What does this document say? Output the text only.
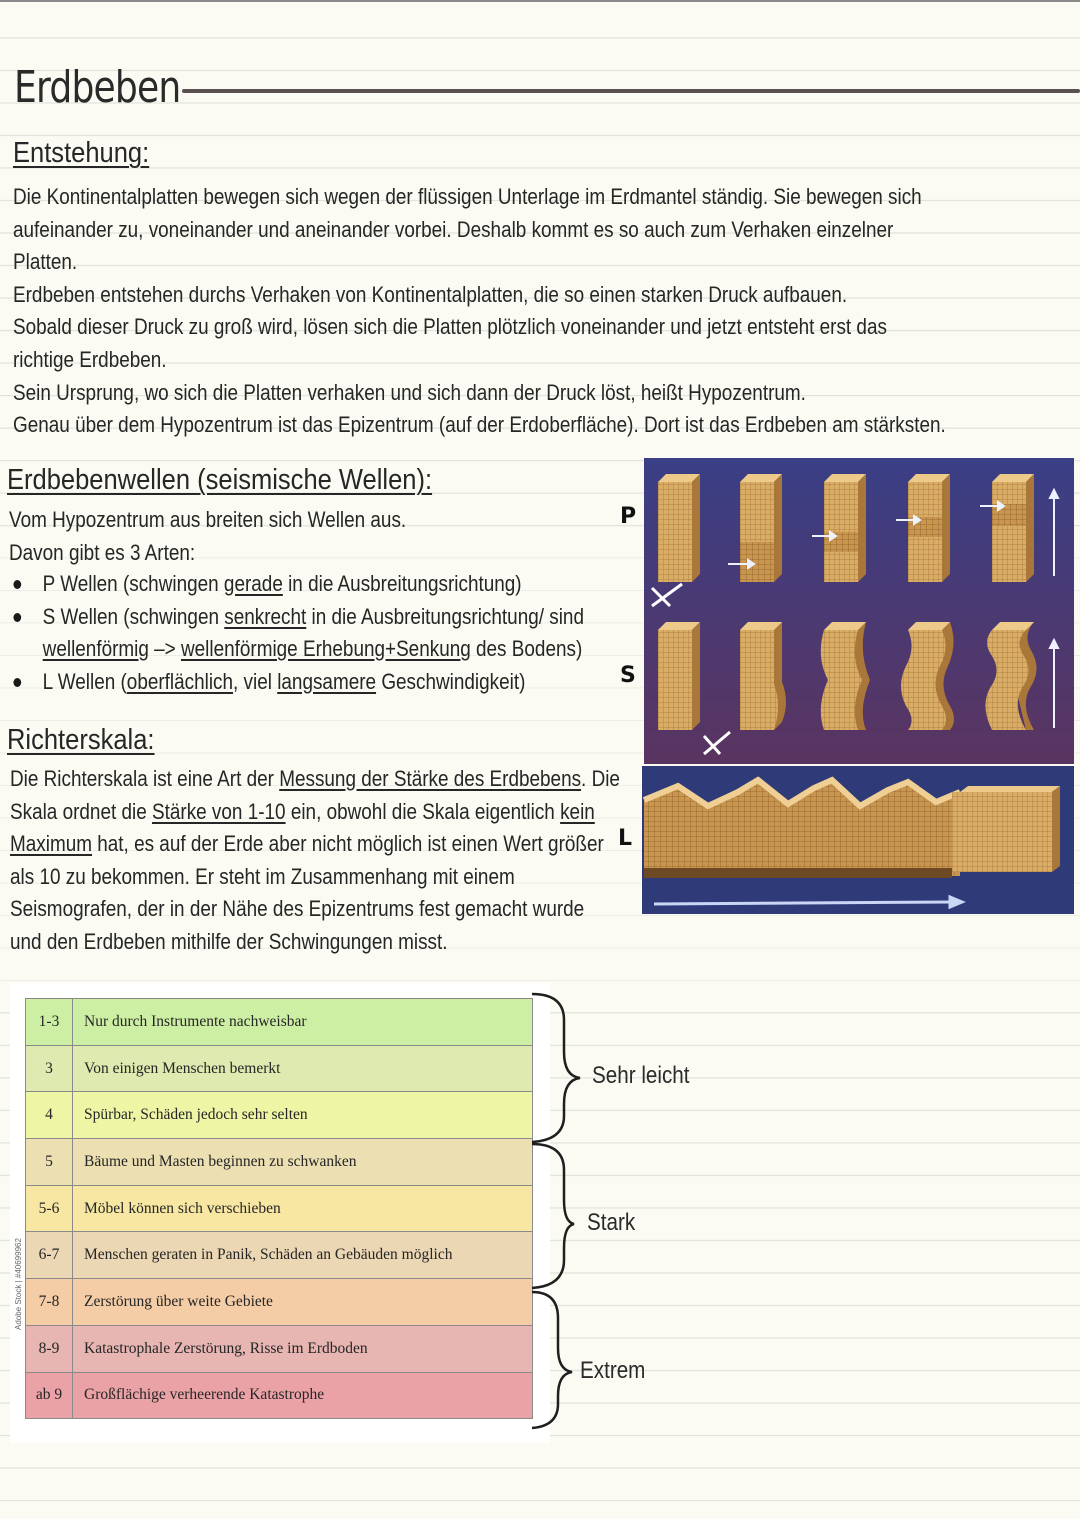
Erdbeben
Entstehung:
Die Kontinentalplatten bewegen sich wegen der flüssigen Unterlage im Erdmantel ständig. Sie bewegen sich
aufeinander zu, voneinander und aneinander vorbei. Deshalb kommt es so auch zum Verhaken einzelner
Platten.
Erdbeben entstehen durchs Verhaken von Kontinentalplatten, die so einen starken Druck aufbauen.
Sobald dieser Druck zu groß wird, lösen sich die Platten plötzlich voneinander und jetzt entsteht erst das
richtige Erdbeben.
Sein Ursprung, wo sich die Platten verhaken und sich dann der Druck löst, heißt Hypozentrum.
Genau über dem Hypozentrum ist das Epizentrum (auf der Erdoberfläche). Dort ist das Erdbeben am stärksten.
Erdbebenwellen (seismische Wellen):
Vom Hypozentrum aus breiten sich Wellen aus.
Davon gibt es 3 Arten:
P Wellen (schwingen gerade in die Ausbreitungsrichtung)
S Wellen (schwingen senkrecht in die Ausbreitungsrichtung/ sind
wellenförmig –> wellenförmige Erhebung+Senkung des Bodens)
L Wellen (oberflächlich, viel langsamere Geschwindigkeit)
P
S
L
Richterskala:
Die Richterskala ist eine Art der Messung der Stärke des Erdbebens. Die
Skala ordnet die Stärke von 1-10 ein, obwohl die Skala eigentlich kein
Maximum hat, es auf der Erde aber nicht möglich ist einen Wert größer
als 10 zu bekommen. Er steht im Zusammenhang mit einem
Seismografen, der in der Nähe des Epizentrums fest gemacht wurde
und den Erdbeben mithilfe der Schwingungen misst.
1-3	Nur durch Instrumente nachweisbar
3	Von einigen Menschen bemerkt
4	Spürbar, Schäden jedoch sehr selten
5	Bäume und Masten beginnen zu schwanken
5-6	Möbel können sich verschieben
6-7	Menschen geraten in Panik, Schäden an Gebäuden möglich
7-8	Zerstörung über weite Gebiete
8-9	Katastrophale Zerstörung, Risse im Erdboden
ab 9	Großflächige verheerende Katastrophe
Adobe Stock | #40699962
Sehr leicht
Stark
Extrem
